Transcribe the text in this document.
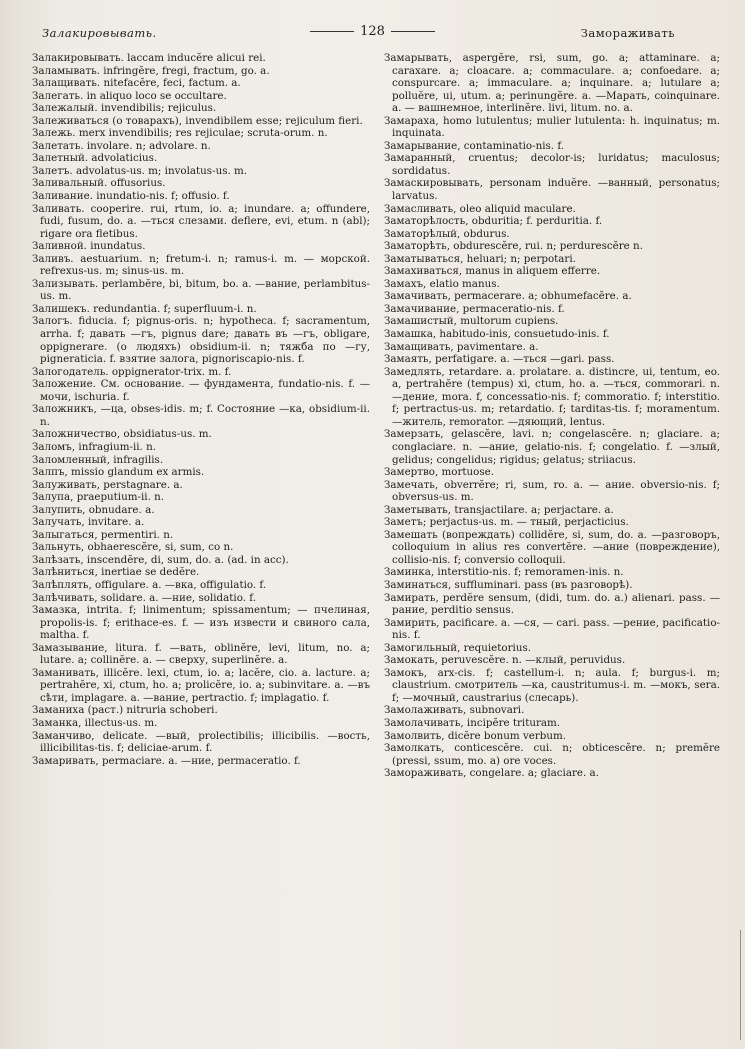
Залакировывать.	128	Замораживать

Залакировывать. laccam inducĕre alicui rei.

Заламывать. infringĕre, fregi, fractum, go. a.

Залащивать. nitefacĕre, feci, factum. a.

Залегать. in aliquo loco se occultare.

Залежалый. invendibilis; rejiculus.

Залеживаться (о товарахъ), invendibilem esse; rejiculum fieri.

Залежь. merx invendibilis; res rejiculae; scruta-orum. n.

Залетать. involare. n; advolare. n.

Залетный. advolaticius.

Залетъ. advolatus-us. m; involatus-us. m.

Заливальный. offusorius.

Заливание. inundatio-nis. f; offusio. f.

Заливать. cooperire. rui, rtum, io. a; inundare. a; offundere, fudi, fusum, do. a. —ться слезами. deflere, evi, etum. n (abl); rigare ora fletibus.

Заливной. inundatus.

Заливъ. aestuarium. n; fretum-i. n; ramus-i. m. — морской. refrexus-us. m; sinus-us. m.

Зализывать. perlambĕre, bi, bitum, bo. a. —вание, perlambitus-us. m.

Залишекъ. redundantia. f; superfluum-i. n.

Залогъ. fiducia. f; pignus-oris. n; hypotheca. f; sacramentum, arrha. f; давать —гъ, pignus dare; давать въ —гъ, obligare, oppignerare. (о людяхъ) obsidium-ii. n; тяжба по —гу, pigneraticia. f. взятие залога, pignoriscapio-nis. f.

Залогодатель. oppignerator-trix. m. f.

Заложение. См. основание. — фундамента, fundatio-nis. f. — мочи, ischuria. f.

Заложникъ, —ца, obses-idis. m; f. Состояние —ка, obsidium-ii. n.

Заложничество, obsidiatus-us. m.

Заломъ, infragium-ii. n.

Заломленный, infragilis.

Залпъ, missio glandum ex armis.

Залуживать, perstagnare. a.

Залупа, praeputium-ii. n.

Залупить, obnudare. a.

Залучать, invitare. a.

Залыгаться, permentiri. n.

Зальнуть, obhaerescĕre, si, sum, со n.

Залѣзать, inscendĕre, di, sum, do. a. (ad. in acc).

Залѣниться, inertiae se dedĕre.

Залѣплять, offigulare. a. —вка, offigulatio. f.

Залѣчивать, solidare. a. —ние, solidatio. f.

Замазка, intrita. f; linimentum; spissamentum; — пчелиная, propolis-is. f; erithace-es. f. — изъ извести и свиного сала, maltha. f.

Замазывание, litura. f. —вать, oblinĕre, levi, litum, no. a; lutare. a; collinĕre. a. — сверху, superlinĕre. a.

Заманивать, illicĕre. lexi, ctum, io. a; lacĕre, cio. a. lacture. a; pertrahĕre, xi, ctum, ho. a; prolicĕre, io. a; subinvitare. a. —въ сѣти, implagare. a. —вание, pertractio. f; implagatio. f.

Заманиха (раст.) nitruria schoberi.

Заманка, illectus-us. m.

Заманчиво, delicate. —вый, prolectibilis; illicibilis. —вость, illicibilitas-tis. f; deliciae-arum. f.

Замаривать, permaciare. a. —ние, permaceratio. f.

Замарывать, aspergĕre, rsi, sum, go. a; attaminare. a; caraxare. a; cloacare. a; commaculare. a; confoedare. a; conspurcare. a; immaculare. a; inquinare. a; lutulare a; polluĕre, ui, utum. a; perinungĕre. a. —Марать, coinquinare. a. — вашнемное, interlinĕre. livi, litum. no. a.

Замараха, homo lutulentus; mulier lutulenta: h. inquinatus; m. inquinata.

Замарывание, contaminatio-nis. f.

Замаранный, cruentus; decolor-is; luridatus; maculosus; sordidatus.

Замаскировывать, personam induĕre. —ванный, personatus; larvatus.

Замасливать, oleo aliquid maculare.

Заматорѣлость, obduritia; f. perduritia. f.

Заматорѣлый, obdurus.

Заматорѣть, obdurescĕre, rui. n; perdurescĕre n.

Заматываться, heluari; n; perpotari.

Замахиваться, manus in aliquem efferre.

Замахъ, elatio manus.

Замачивать, permacerare. a; obhumefacĕre. a.

Замачивание, permaceratio-nis. f.

Замашистый, multorum cupiens.

Замашка, habitudo-inis, consuetudo-inis. f.

Замащивать, pavimentare. a.

Замаять, perfatigare. a. —ться —gari. pass.

Замедлять, retardare. a. prolatare. a. distincre, ui, tentum, eo. a, pertrahĕre (tempus) xi, ctum, ho. a. —ться, commorari. n. —дение, mora. f, concessatio-nis. f; commoratio. f; interstitio. f; pertractus-us. m; retardatio. f; tarditas-tis. f; moramentum. —житель, remorator. —дяющий, lentus.

Замерзать, gelascĕre, lavi. n; congelascĕre. n; glaciare. a; conglaciare. n. —ание, gelatio-nis. f; congelatio. f. —злый, gelidus; congelidus; rigidus; gelatus; striiacus.

Замертво, mortuose.

Замечать, obverrĕre; ri, sum, ro. a. — ание. obversio-nis. f; obversus-us. m.

Заметывать, transjactilare. a; perjactare. a.

Заметъ; perjactus-us. m. — тный, perjacticius.

Замешать (вопреждать) collidĕre, si, sum, do. a. —разговоръ, colloquium in alius res convertĕre. —ание (повреждение), collisio-nis. f; conversio colloquii.

Заминка, interstitio-nis. f; remoramen-inis. n.

Заминаться, suffluminari. pass (въ разговорѣ).

Замирать, perdĕre sensum, (didi, tum. do. a.) alienari. pass. —рание, perditio sensus.

Замирить, pacificare. a. —ся, — cari. pass. —рение, pacificatio-nis. f.

Замогильный, requietorius.

Замокать, peruvescĕre. n. —клый, peruvidus.

Замокъ, arx-cis. f; castellum-i. n; aula. f; burgus-i. m; claustrium. смотритель —ка, caustritumus-i. m. —мокъ, sera. f; —мочный, caustrarius (слесарь).

Замолаживать, subnovari.

Замолачивать, incipĕre trituram.

Замолвить, dicĕre bonum verbum.

Замолкать, conticescĕre. cui. n; obticescĕre. n; premĕre (pressi, ssum, mo. a) ore voces.

Замораживать, congelare. a; glaciare. a.
